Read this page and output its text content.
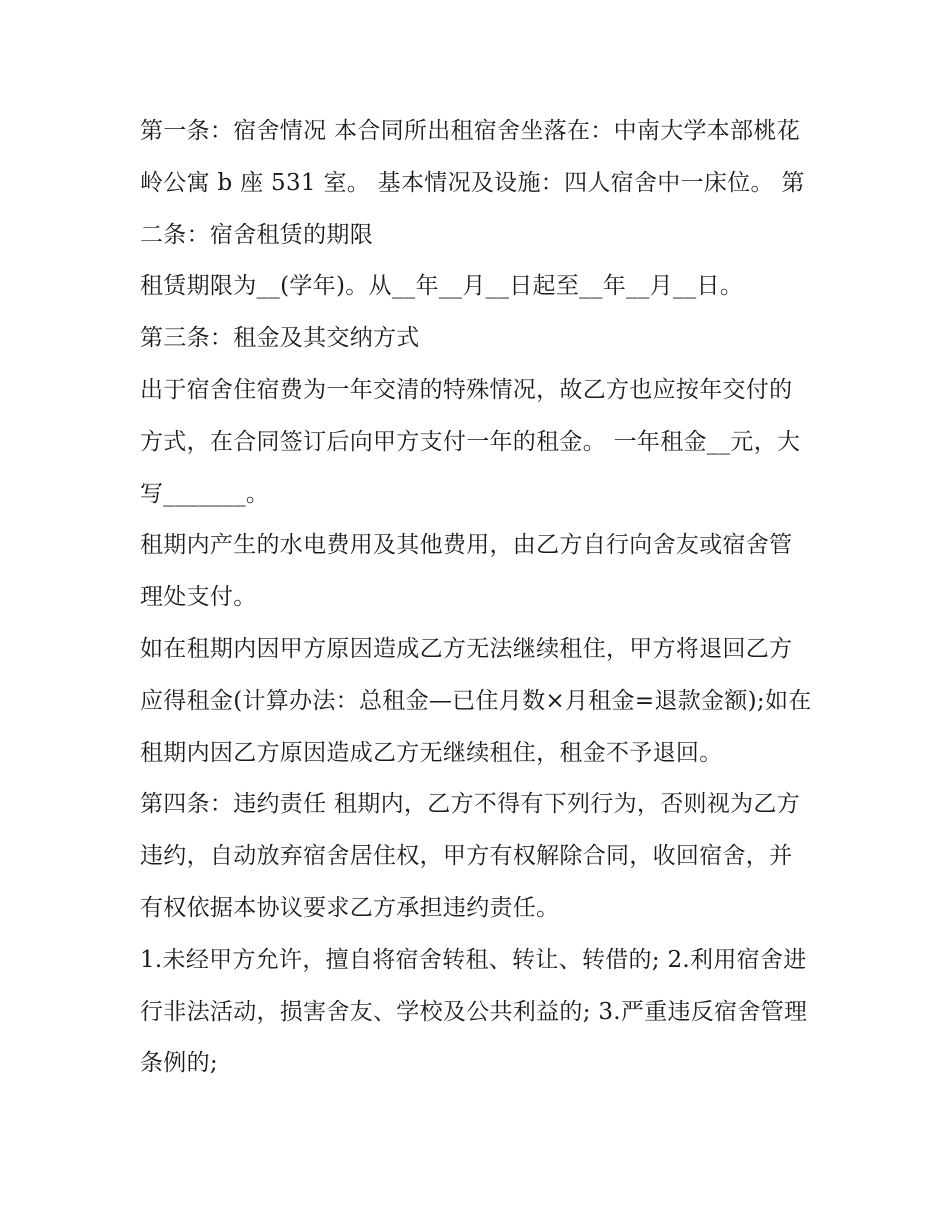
第一条：宿舍情况 本合同所出租宿舍坐落在：中南大学本部桃花岭公寓 b 座 531 室。 基本情况及设施：四人宿舍中一床位。 第二条：宿舍租赁的期限

租赁期限为__(学年)。从__年__月__日起至__年__月__日。

第三条：租金及其交纳方式

出于宿舍住宿费为一年交清的特殊情况，故乙方也应按年交付的方式，在合同签订后向甲方支付一年的租金。 一年租金__元，大写_______。

租期内产生的水电费用及其他费用，由乙方自行向舍友或宿舍管理处支付。

如在租期内因甲方原因造成乙方无法继续租住，甲方将退回乙方应得租金(计算办法：总租金—已住月数×月租金=退款金额);如在租期内因乙方原因造成乙方无继续租住，租金不予退回。

第四条：违约责任 租期内，乙方不得有下列行为，否则视为乙方违约，自动放弃宿舍居住权，甲方有权解除合同，收回宿舍，并有权依据本协议要求乙方承担违约责任。

1.未经甲方允许，擅自将宿舍转租、转让、转借的; 2.利用宿舍进行非法活动，损害舍友、学校及公共利益的; 3.严重违反宿舍管理条例的;
